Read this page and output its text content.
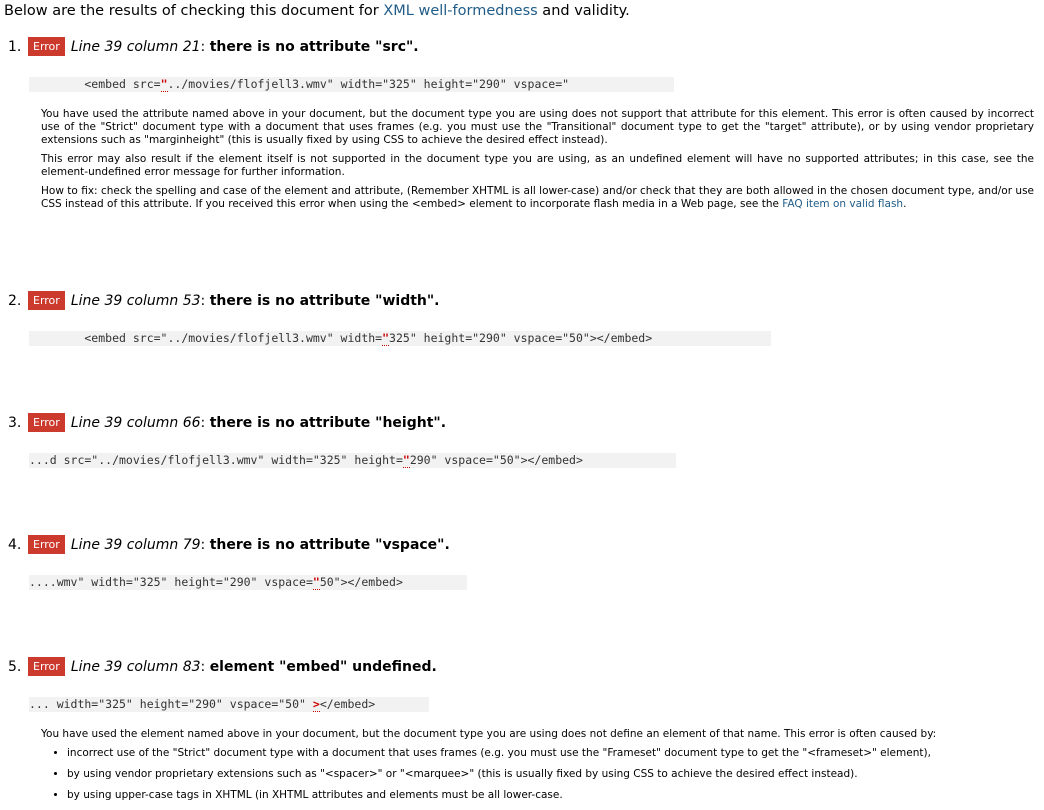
Below are the results of checking this document for XML well-formedness and validity.
1. Error Line 39 column 21: there is no attribute "src".
<embed src="../movies/flofjell3.wmv" width="325" height="290" vspace="

You have used the attribute named above in your document, but the document type you are using does not support that attribute for this element. This error is often caused by incorrect use of the "Strict" document type with a document that uses frames (e.g. you must use the "Transitional" document type to get the "target" attribute), or by using vendor proprietary extensions such as "marginheight" (this is usually fixed by using CSS to achieve the desired effect instead).

This error may also result if the element itself is not supported in the document type you are using, as an undefined element will have no supported attributes; in this case, see the element-undefined error message for further information.

How to fix: check the spelling and case of the element and attribute, (Remember XHTML is all lower-case) and/or check that they are both allowed in the chosen document type, and/or use CSS instead of this attribute. If you received this error when using the <embed> element to incorporate flash media in a Web page, see the FAQ item on valid flash.

2. Error Line 39 column 53: there is no attribute "width".
<embed src="../movies/flofjell3.wmv" width="325" height="290" vspace="50"></embed>
3. Error Line 39 column 66: there is no attribute "height".
...d src="../movies/flofjell3.wmv" width="325" height="290" vspace="50"></embed>
4. Error Line 39 column 79: there is no attribute "vspace".
....wmv" width="325" height="290" vspace="50"></embed>
5. Error Line 39 column 83: element "embed" undefined.
... width="325" height="290" vspace="50" ></embed>

You have used the element named above in your document, but the document type you are using does not define an element of that name. This error is often caused by:

• incorrect use of the "Strict" document type with a document that uses frames (e.g. you must use the "Frameset" document type to get the "<frameset>" element),
• by using vendor proprietary extensions such as "<spacer>" or "<marquee>" (this is usually fixed by using CSS to achieve the desired effect instead).
• by using upper-case tags in XHTML (in XHTML attributes and elements must be all lower-case.
